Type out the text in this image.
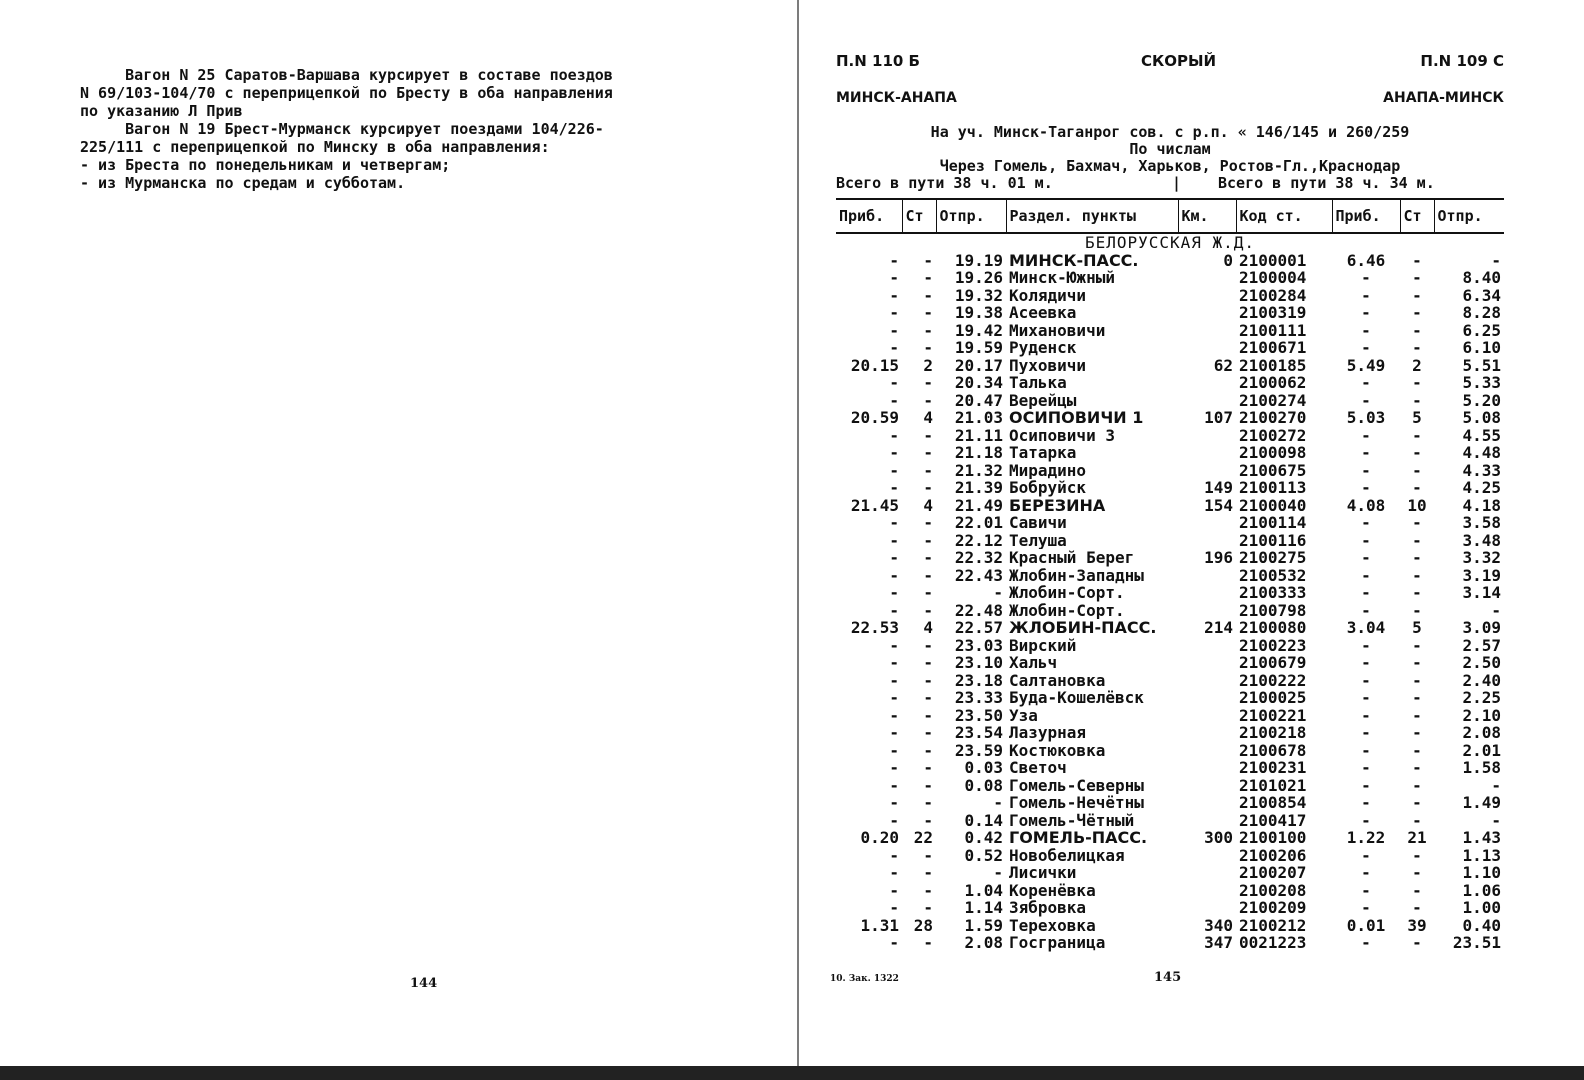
Вагон N 25 Саратов-Варшава курсирует в составе поездов

N 69/103-104/70 с переприцепкой по Бресту в оба направления

по указанию Л Прив

Вагон N 19 Брест-Мурманск курсирует поездами 104/226-

225/111 с переприцепкой по Минску в оба направления:

- из Бреста по понедельникам и четвергам;

- из Мурманска по средам и субботам.

144
П.N 110 Б	СКОРЫЙ	П.N 109 С
МИНСК-АНАПА	АНАПА-МИНСК
На уч. Минск-Таганрог сов. с р.п. « 146/145 и 260/259
По числам
Через Гомель, Бахмач, Харьков, Ростов-Гл.,Краснодар
Всего в пути 38 ч. 01 м.	|	Всего в пути 38 ч. 34 м.
Приб.	Ст	Отпр.	Раздел. пункты	Км.	Код ст.	Приб.	Ст	Отпр.
БЕЛОРУССКАЯ Ж.Д.								
-	-	19.19	МИНСК-ПАСС.	0	2100001	6.46	-	-
-	-	19.26	Минск-Южный		2100004	-	-	8.40
-	-	19.32	Колядичи		2100284	-	-	6.34
-	-	19.38	Асеевка		2100319	-	-	8.28
-	-	19.42	Михановичи		2100111	-	-	6.25
-	-	19.59	Руденск		2100671	-	-	6.10
20.15	2	20.17	Пуховичи	62	2100185	5.49	2	5.51
-	-	20.34	Талька		2100062	-	-	5.33
-	-	20.47	Верейцы		2100274	-	-	5.20
20.59	4	21.03	ОСИПОВИЧИ 1	107	2100270	5.03	5	5.08
-	-	21.11	Осиповичи 3		2100272	-	-	4.55
-	-	21.18	Татарка		2100098	-	-	4.48
-	-	21.32	Мирадино		2100675	-	-	4.33
-	-	21.39	Бобруйск	149	2100113	-	-	4.25
21.45	4	21.49	БЕРЕЗИНА	154	2100040	4.08	10	4.18
-	-	22.01	Савичи		2100114	-	-	3.58
-	-	22.12	Телуша		2100116	-	-	3.48
-	-	22.32	Красный Берег	196	2100275	-	-	3.32
-	-	22.43	Жлобин-Западны		2100532	-	-	3.19
-	-	-	Жлобин-Сорт.		2100333	-	-	3.14
-	-	22.48	Жлобин-Сорт.		2100798	-	-	-
22.53	4	22.57	ЖЛОБИН-ПАСС.	214	2100080	3.04	5	3.09
-	-	23.03	Вирский		2100223	-	-	2.57
-	-	23.10	Хальч		2100679	-	-	2.50
-	-	23.18	Салтановка		2100222	-	-	2.40
-	-	23.33	Буда-Кошелёвск		2100025	-	-	2.25
-	-	23.50	Уза		2100221	-	-	2.10
-	-	23.54	Лазурная		2100218	-	-	2.08
-	-	23.59	Костюковка		2100678	-	-	2.01
-	-	0.03	Светоч		2100231	-	-	1.58
-	-	0.08	Гомель-Северны		2101021	-	-	-
-	-	-	Гомель-Нечётны		2100854	-	-	1.49
-	-	0.14	Гомель-Чётный		2100417	-	-	-
0.20	22	0.42	ГОМЕЛЬ-ПАСС.	300	2100100	1.22	21	1.43
-	-	0.52	Новобелицкая		2100206	-	-	1.13
-	-	-	Лисички		2100207	-	-	1.10
-	-	1.04	Коренёвка		2100208	-	-	1.06
-	-	1.14	Зябровка		2100209	-	-	1.00
1.31	28	1.59	Тереховка	340	2100212	0.01	39	0.40
-	-	2.08	Госграница	347	0021223	-	-	23.51
10. Зак. 1322	145
